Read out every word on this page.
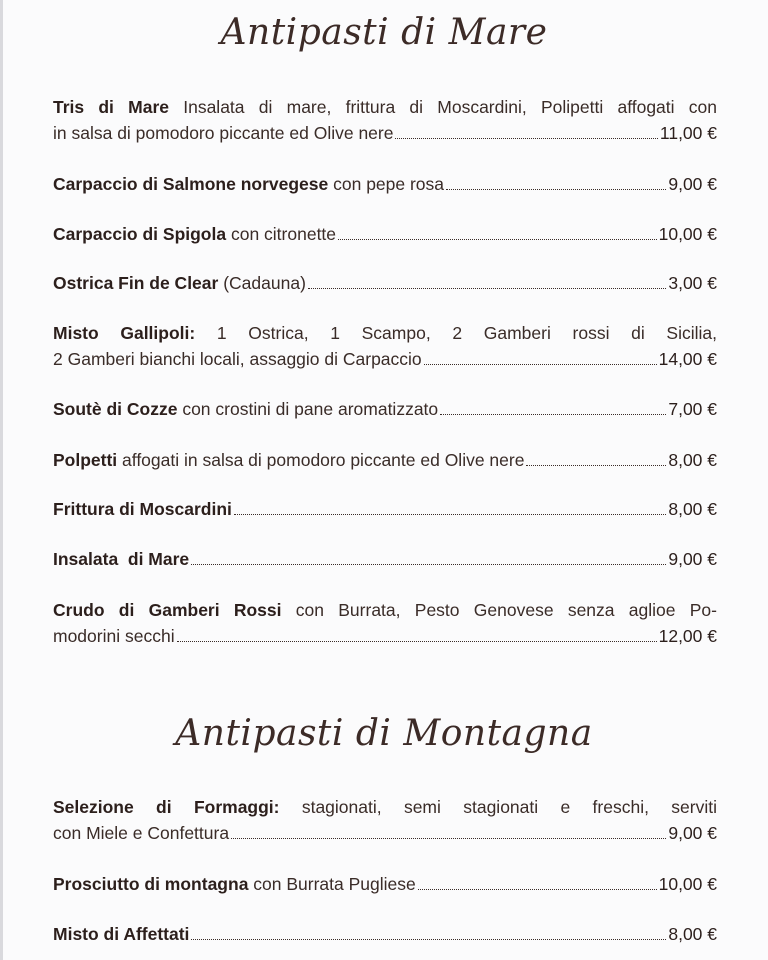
Antipasti di Mare
Tris di Mare Insalata di mare, frittura di Moscardini, Polipetti affogati con
in salsa di pomodoro piccante ed Olive nere	11,00 €
Carpaccio di Salmone norvegese con pepe rosa	9,00 €
Carpaccio di Spigola con citronette	10,00 €
Ostrica Fin de Clear (Cadauna)	3,00 €
Misto Gallipoli: 1 Ostrica, 1 Scampo, 2 Gamberi rossi di Sicilia,
2 Gamberi bianchi locali, assaggio di Carpaccio	14,00 €
Soutè di Cozze con crostini di pane aromatizzato	7,00 €
Polpetti affogati in salsa di pomodoro piccante ed Olive nere	8,00 €
Frittura di Moscardini	8,00 €
Insalata  di Mare	9,00 €
Crudo di Gamberi Rossi con Burrata, Pesto Genovese senza aglioe Po-
modorini secchi	12,00 €
Antipasti di Montagna
Selezione di Formaggi: stagionati, semi stagionati e freschi, serviti
con Miele e Confettura	9,00 €
Prosciutto di montagna con Burrata Pugliese	10,00 €
Misto di Affettati	8,00 €
